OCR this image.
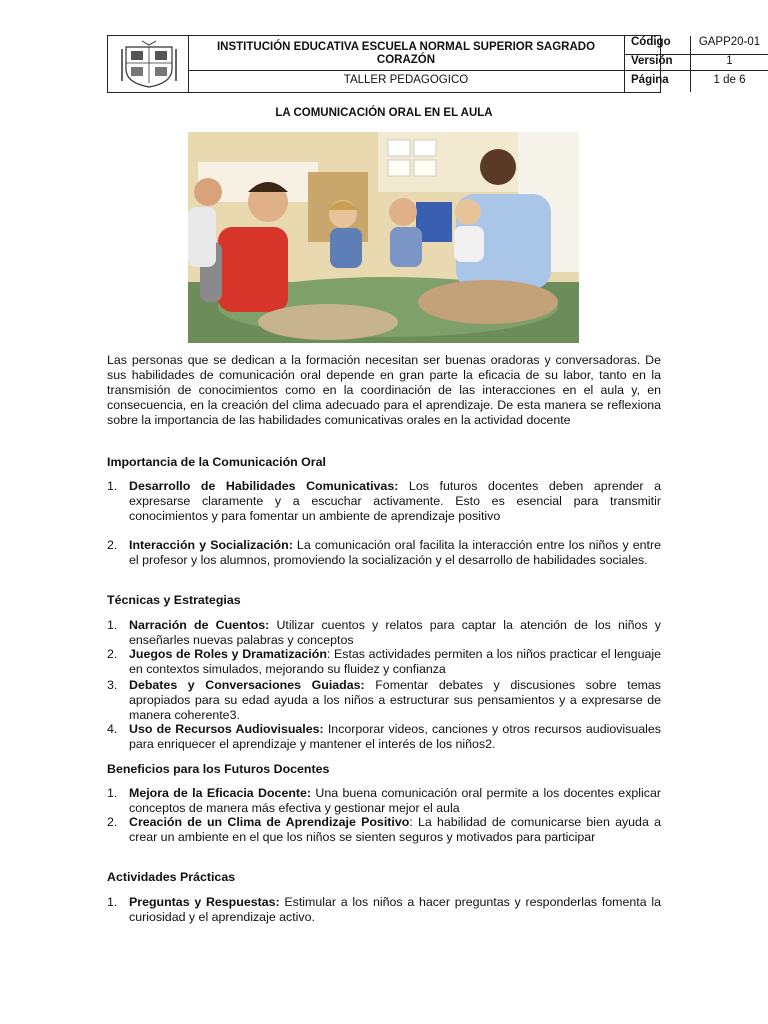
INSTITUCIÓN EDUCATIVA ESCUELA NORMAL SUPERIOR SAGRADO CORAZÓN
TALLER PEDAGOGICO
Código	GAPP20-01
Versión	1
Página	1 de 6
LA COMUNICACIÓN ORAL EN EL AULA
Las personas que se dedican a la formación necesitan ser buenas oradoras y conversadoras. De sus habilidades de comunicación oral depende en gran parte la eficacia de su labor, tanto en la transmisión de conocimientos como en la coordinación de las interacciones en el aula y, en consecuencia, en la creación del clima adecuado para el aprendizaje. De esta manera se reflexiona sobre la importancia de las habilidades comunicativas orales en la actividad docente
Importancia de la Comunicación Oral
1. Desarrollo de Habilidades Comunicativas: Los futuros docentes deben aprender a expresarse claramente y a escuchar activamente. Esto es esencial para transmitir conocimientos y para fomentar un ambiente de aprendizaje positivo
2. Interacción y Socialización: La comunicación oral facilita la interacción entre los niños y entre el profesor y los alumnos, promoviendo la socialización y el desarrollo de habilidades sociales.
Técnicas y Estrategias
1. Narración de Cuentos: Utilizar cuentos y relatos para captar la atención de los niños y enseñarles nuevas palabras y conceptos
2. Juegos de Roles y Dramatización: Estas actividades permiten a los niños practicar el lenguaje en contextos simulados, mejorando su fluidez y confianza
3. Debates y Conversaciones Guiadas: Fomentar debates y discusiones sobre temas apropiados para su edad ayuda a los niños a estructurar sus pensamientos y a expresarse de manera coherente3.
4. Uso de Recursos Audiovisuales: Incorporar videos, canciones y otros recursos audiovisuales para enriquecer el aprendizaje y mantener el interés de los niños2.
Beneficios para los Futuros Docentes
1. Mejora de la Eficacia Docente: Una buena comunicación oral permite a los docentes explicar conceptos de manera más efectiva y gestionar mejor el aula
2. Creación de un Clima de Aprendizaje Positivo: La habilidad de comunicarse bien ayuda a crear un ambiente en el que los niños se sienten seguros y motivados para participar
Actividades Prácticas
1. Preguntas y Respuestas: Estimular a los niños a hacer preguntas y responderlas fomenta la curiosidad y el aprendizaje activo.
